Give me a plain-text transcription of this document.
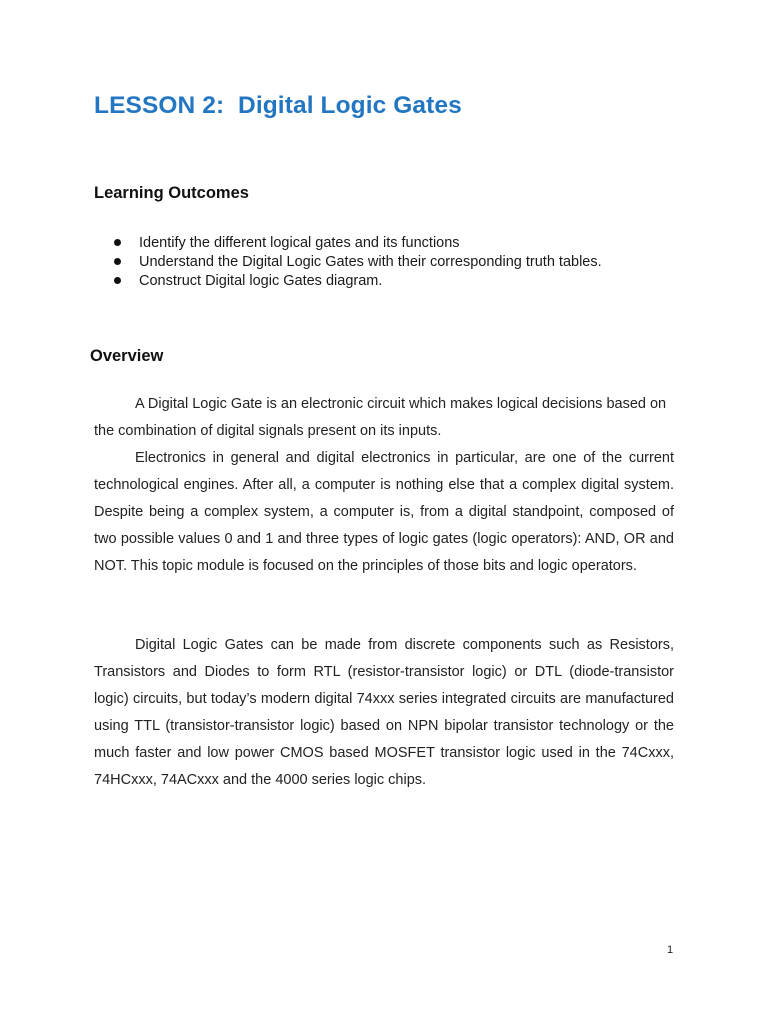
LESSON 2:  Digital Logic Gates
Learning Outcomes
Identify the different logical gates and its functions
Understand the Digital Logic Gates with their corresponding truth tables.
Construct Digital logic Gates diagram.
Overview

A Digital Logic Gate is an electronic circuit which makes logical decisions based on the combination of digital signals present on its inputs.

Electronics in general and digital electronics in particular, are one of the current technological engines. After all, a computer is nothing else that a complex digital system. Despite being a complex system, a computer is, from a digital standpoint, composed of two possible values 0 and 1 and three types of logic gates (logic operators): AND, OR and NOT. This topic module is focused on the principles of those bits and logic operators.

Digital Logic Gates can be made from discrete components such as Resistors, Transistors and Diodes to form RTL (resistor-transistor logic) or DTL (diode-transistor logic) circuits, but today’s modern digital 74xxx series integrated circuits are manufactured using TTL (transistor-transistor logic) based on NPN bipolar transistor technology or the much faster and low power CMOS based MOSFET transistor logic used in the 74Cxxx, 74HCxxx, 74ACxxx and the 4000 series logic chips.

1
